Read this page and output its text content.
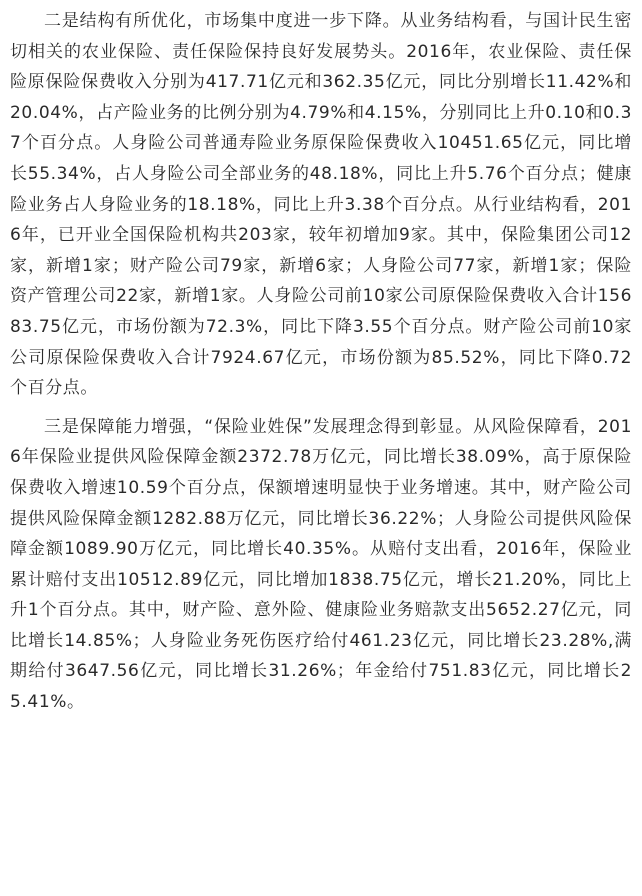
二是结构有所优化，市场集中度进一步下降。从业务结构看，与国计民生密切相关的农业保险、责任保险保持良好发展势头。2016年，农业保险、责任保险原保险保费收入分别为417.71亿元和362.35亿元，同比分别增长11.42%和20.04%，占产险业务的比例分别为4.79%和4.15%，分别同比上升0.10和0.37个百分点。人身险公司普通寿险业务原保险保费收入10451.65亿元，同比增长55.34%，占人身险公司全部业务的48.18%，同比上升5.76个百分点；健康险业务占人身险业务的18.18%，同比上升3.38个百分点。从行业结构看，2016年，已开业全国保险机构共203家，较年初增加9家。其中，保险集团公司12家，新增1家；财产险公司79家，新增6家；人身险公司77家，新增1家；保险资产管理公司22家，新增1家。人身险公司前10家公司原保险保费收入合计15683.75亿元，市场份额为72.3%，同比下降3.55个百分点。财产险公司前10家公司原保险保费收入合计7924.67亿元，市场份额为85.52%，同比下降0.72个百分点。

三是保障能力增强，“保险业姓保”发展理念得到彰显。从风险保障看，2016年保险业提供风险保障金额2372.78万亿元，同比增长38.09%，高于原保险保费收入增速10.59个百分点，保额增速明显快于业务增速。其中，财产险公司提供风险保障金额1282.88万亿元，同比增长36.22%；人身险公司提供风险保障金额1089.90万亿元，同比增长40.35%。从赔付支出看，2016年，保险业累计赔付支出10512.89亿元，同比增加1838.75亿元，增长21.20%，同比上升1个百分点。其中，财产险、意外险、健康险业务赔款支出5652.27亿元，同比增长14.85%；人身险业务死伤医疗给付461.23亿元，同比增长23.28%,满期给付3647.56亿元，同比增长31.26%；年金给付751.83亿元，同比增长25.41%。
